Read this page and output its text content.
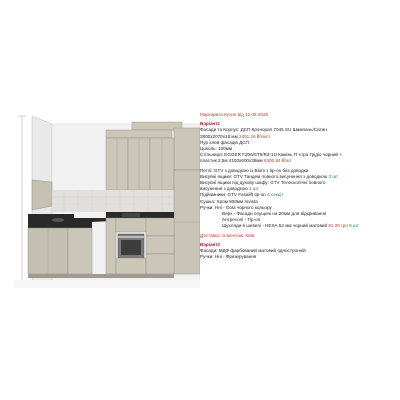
Маргарита Кухня від 12.05.2026
Варіант1
Фасади та Корпус: ДСП Кронорап 7045 SU Шампань/Сатин
2800х2070х18 мм 2451.26 ₴/лист
Пур клей фасадів ДСП
Цоколь: 100мм
Стільниця: EGGER F206/ST9/R3-1U Камінь П`єтра Грідіо чорний +
пластик 2,5м 4100х600х38мм 6300.84 ₴/шт
Петлі: GTV з доводкою із Blum з tip-on без доводки
Висувні ящики: GTV Тандем повного висунення з доводкою 3 шт
Висувні ящики під духову шафу: GTV Телескопічні повного
висунення з доводкою 1 шт
Підйомники: GTV Fasalift tip-on 4 секції
Сушка: Хром 600мм Invista
Ручки: Нні - Gola чорного кольору
Верх - Фасади опущені на 20мм для відкривання
Антресолі - Tip-on
Шухляди в шевелі - НЕХА 52 мм чорний матовий 81.20 грн 5 шт
Доставка та монтаж: Київ
Варіант2
Фасади: МДФ фарбований матовий одностронній
Ручки: Нні - Фрезерування
